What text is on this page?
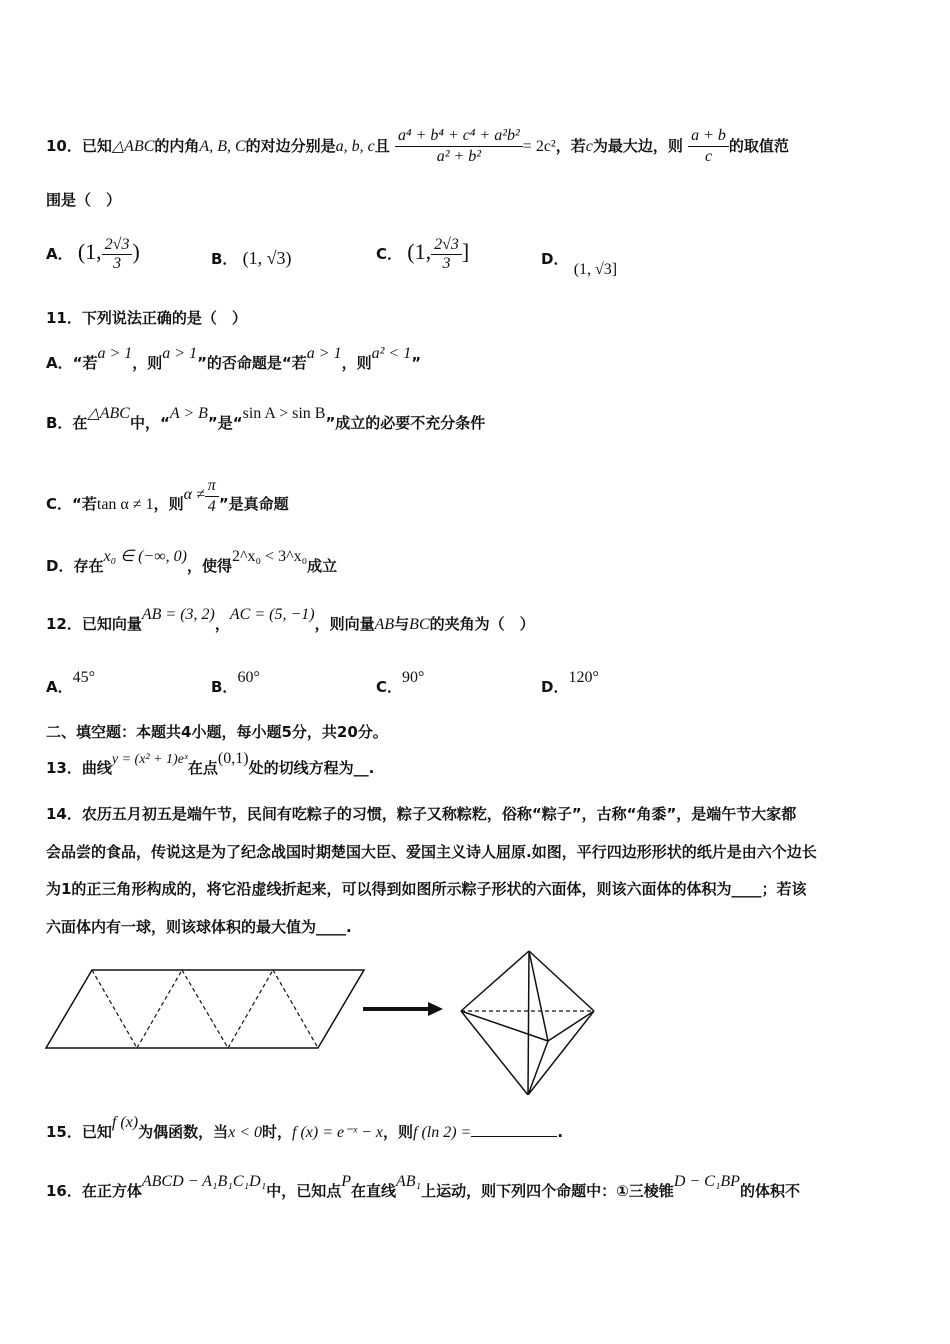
10．已知△ABC的内角A, B, C的对边分别是a, b, c且 $\frac{\text{a⁴ + b⁴ + c⁴ + a²b²}}{\text{a² + b²}} = 2c^2$，若c为最大边，则 $\frac{a + b}{c}$ 的取值范
围是（　）
A． (1, $\frac{2√3}{3}$ )	B． (1, √3)	C． (1, $\frac{2√3}{3}$ ]	D． (1, √3]
11．下列说法正确的是（　）
A．“若a > 1，则a > 1”的否命题是“若a > 1，则a² < 1”
B．在△ABC中，“A > B”是“sin A > sin B”成立的必要不充分条件
C．“若tan α ≠ 1，则$\alpha \ne \frac{\pi}{4}$ ”是真命题
D．存在x₀ ∈ (−∞, 0)，使得2^x₀ < 3^x₀成立
12．已知向量AB = (3, 2)，AC = (5, −1)，则向量AB与BC的夹角为（　）
A．45°
B．60°
C．90°
D．120°
二、填空题：本题共4小题，每小题5分，共20分。
13．曲线y = (x² + 1)eˣ在点(0,1)处的切线方程为__.
14．农历五月初五是端午节，民间有吃粽子的习惯，粽子又称粽籺，俗称“粽子”，古称“角黍”，是端午节大家都
会品尝的食品，传说这是为了纪念战国时期楚国大臣、爱国主义诗人屈原.如图，平行四边形形状的纸片是由六个边长
为1的正三角形构成的，将它沿虚线折起来，可以得到如图所示粽子形状的六面体，则该六面体的体积为____；若该
六面体内有一球，则该球体积的最大值为____.
15．已知f (x)为偶函数，当x < 0时，f (x) = e⁻ˣ − x，则f (ln 2) =	.
16．在正方体ABCD − A₁B₁C₁D₁中，已知点P在直线AB₁上运动，则下列四个命题中：①三棱锥D − C₁BP的体积不
